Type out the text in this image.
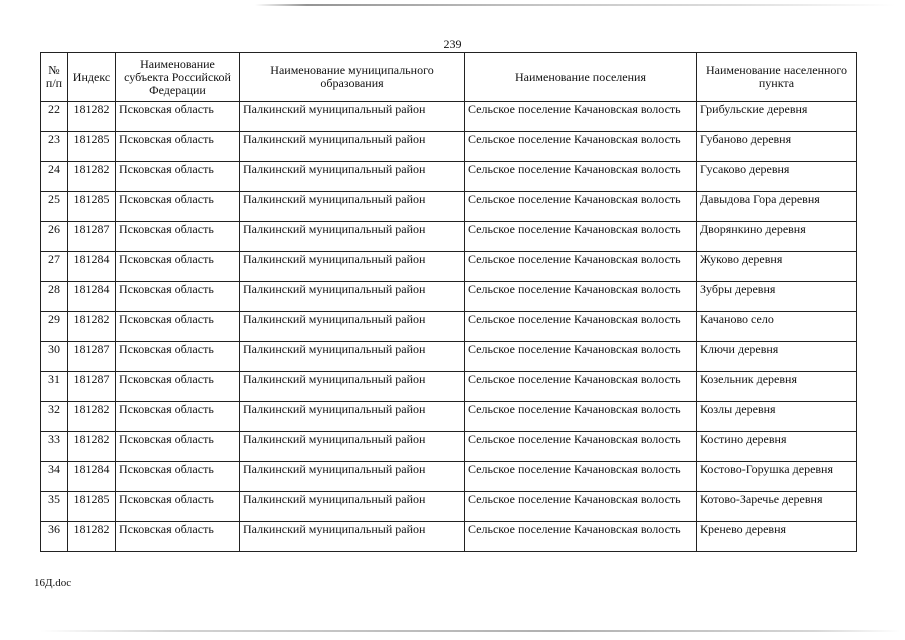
239
№ п/п	Индекс	Наименование субъекта Российской Федерации	Наименование муниципального образования	Наименование поселения	Наименование населенного пункта
22	181282	Псковская область	Палкинский муниципальный район	Сельское поселение Качановская волость	Грибульские деревня
23	181285	Псковская область	Палкинский муниципальный район	Сельское поселение Качановская волость	Губаново деревня
24	181282	Псковская область	Палкинский муниципальный район	Сельское поселение Качановская волость	Гусаково деревня
25	181285	Псковская область	Палкинский муниципальный район	Сельское поселение Качановская волость	Давыдова Гора деревня
26	181287	Псковская область	Палкинский муниципальный район	Сельское поселение Качановская волость	Дворянкино деревня
27	181284	Псковская область	Палкинский муниципальный район	Сельское поселение Качановская волость	Жуково деревня
28	181284	Псковская область	Палкинский муниципальный район	Сельское поселение Качановская волость	Зубры деревня
29	181282	Псковская область	Палкинский муниципальный район	Сельское поселение Качановская волость	Качаново село
30	181287	Псковская область	Палкинский муниципальный район	Сельское поселение Качановская волость	Ключи деревня
31	181287	Псковская область	Палкинский муниципальный район	Сельское поселение Качановская волость	Козельник деревня
32	181282	Псковская область	Палкинский муниципальный район	Сельское поселение Качановская волость	Козлы деревня
33	181282	Псковская область	Палкинский муниципальный район	Сельское поселение Качановская волость	Костино деревня
34	181284	Псковская область	Палкинский муниципальный район	Сельское поселение Качановская волость	Костово-Горушка деревня
35	181285	Псковская область	Палкинский муниципальный район	Сельское поселение Качановская волость	Котово-Заречье деревня
36	181282	Псковская область	Палкинский муниципальный район	Сельское поселение Качановская волость	Кренево деревня
16Д.doc
